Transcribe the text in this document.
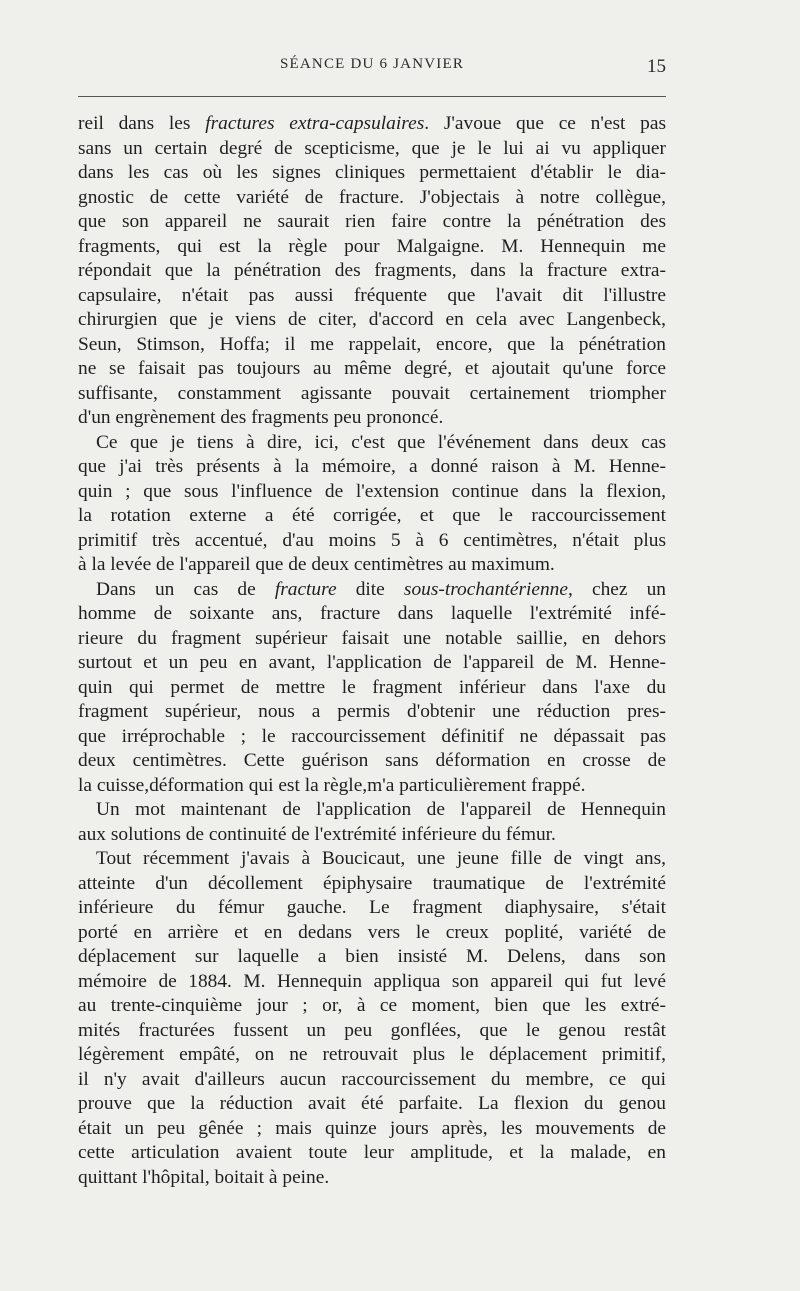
SÉANCE DU 6 JANVIER	15
reil dans les fractures extra-capsulaires. J'avoue que ce n'est pas
sans un certain degré de scepticisme, que je le lui ai vu appliquer
dans les cas où les signes cliniques permettaient d'établir le dia-
gnostic de cette variété de fracture. J'objectais à notre collègue,
que son appareil ne saurait rien faire contre la pénétration des
fragments, qui est la règle pour Malgaigne. M. Hennequin me
répondait que la pénétration des fragments, dans la fracture extra-
capsulaire, n'était pas aussi fréquente que l'avait dit l'illustre
chirurgien que je viens de citer, d'accord en cela avec Langenbeck,
Seun, Stimson, Hoffa; il me rappelait, encore, que la pénétration
ne se faisait pas toujours au même degré, et ajoutait qu'une force
suffisante, constamment agissante pouvait certainement triompher
d'un engrènement des fragments peu prononcé.
Ce que je tiens à dire, ici, c'est que l'événement dans deux cas
que j'ai très présents à la mémoire, a donné raison à M. Henne-
quin ; que sous l'influence de l'extension continue dans la flexion,
la rotation externe a été corrigée, et que le raccourcissement
primitif très accentué, d'au moins 5 à 6 centimètres, n'était plus
à la levée de l'appareil que de deux centimètres au maximum.
Dans un cas de fracture dite sous-trochantérienne, chez un
homme de soixante ans, fracture dans laquelle l'extrémité infé-
rieure du fragment supérieur faisait une notable saillie, en dehors
surtout et un peu en avant, l'application de l'appareil de M. Henne-
quin qui permet de mettre le fragment inférieur dans l'axe du
fragment supérieur, nous a permis d'obtenir une réduction pres-
que irréprochable ; le raccourcissement définitif ne dépassait pas
deux centimètres. Cette guérison sans déformation en crosse de
la cuisse,déformation qui est la règle,m'a particulièrement frappé.
Un mot maintenant de l'application de l'appareil de Hennequin
aux solutions de continuité de l'extrémité inférieure du fémur.
Tout récemment j'avais à Boucicaut, une jeune fille de vingt ans,
atteinte d'un décollement épiphysaire traumatique de l'extrémité
inférieure du fémur gauche. Le fragment diaphysaire, s'était
porté en arrière et en dedans vers le creux poplité, variété de
déplacement sur laquelle a bien insisté M. Delens, dans son
mémoire de 1884. M. Hennequin appliqua son appareil qui fut levé
au trente-cinquième jour ; or, à ce moment, bien que les extré-
mités fracturées fussent un peu gonflées, que le genou restât
légèrement empâté, on ne retrouvait plus le déplacement primitif,
il n'y avait d'ailleurs aucun raccourcissement du membre, ce qui
prouve que la réduction avait été parfaite. La flexion du genou
était un peu gênée ; mais quinze jours après, les mouvements de
cette articulation avaient toute leur amplitude, et la malade, en
quittant l'hôpital, boitait à peine.
